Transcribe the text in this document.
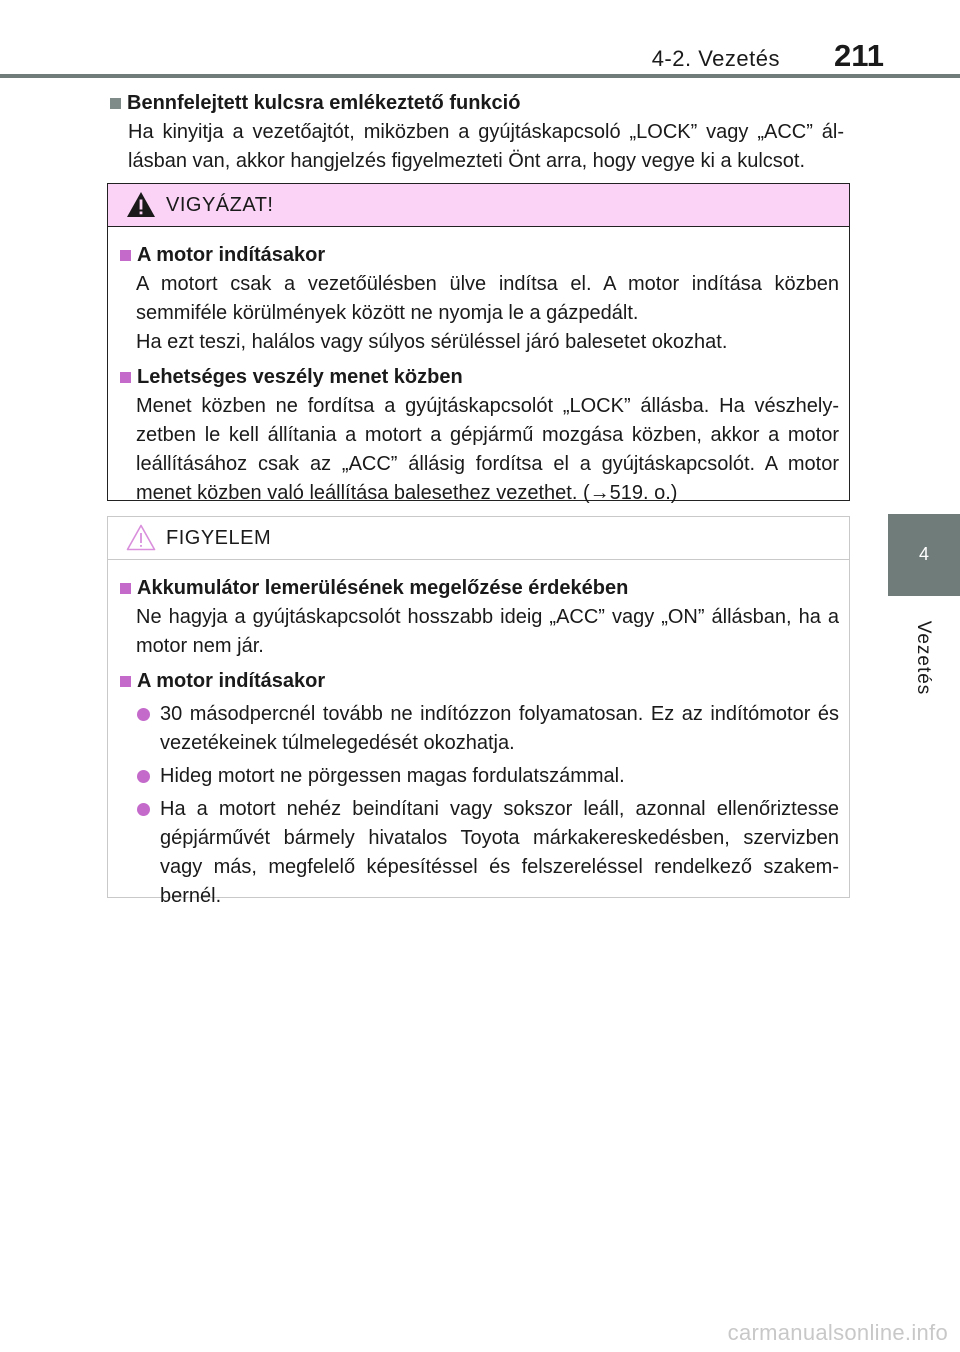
4-2. Vezetés 211
4
Vezetés

Bennfelejtett kulcsra emlékeztető funkció

Ha kinyitja a vezetőajtót, miközben a gyújtáskapcsoló „LOCK” vagy „ACC” ál-lásban van, akkor hangjelzés figyelmezteti Önt arra, hogy vegye ki a kulcsot.

VIGYÁZAT!

A motor indításakor

A motort csak a vezetőülésben ülve indítsa el. A motor indítása közben semmiféle körülmények között ne nyomja le a gázpedált.

Ha ezt teszi, halálos vagy súlyos sérüléssel járó balesetet okozhat.

Lehetséges veszély menet közben

Menet közben ne fordítsa a gyújtáskapcsolót „LOCK” állásba. Ha vészhely-zetben le kell állítania a motort a gépjármű mozgása közben, akkor a motor leállításához csak az „ACC” állásig fordítsa el a gyújtáskapcsolót. A motor menet közben való leállítása balesethez vezethet. (→519. o.)

FIGYELEM

Akkumulátor lemerülésének megelőzése érdekében

Ne hagyja a gyújtáskapcsolót hosszabb ideig „ACC” vagy „ON” állásban, ha a motor nem jár.

A motor indításakor

30 másodpercnél tovább ne indítózzon folyamatosan. Ez az indítómotor és vezetékeinek túlmelegedését okozhatja.

Hideg motort ne pörgessen magas fordulatszámmal.

Ha a motort nehéz beindítani vagy sokszor leáll, azonnal ellenőriztesse gépjárművét bármely hivatalos Toyota márkakereskedésben, szervizben vagy más, megfelelő képesítéssel és felszereléssel rendelkező szakem-bernél.

carmanualsonline.info
